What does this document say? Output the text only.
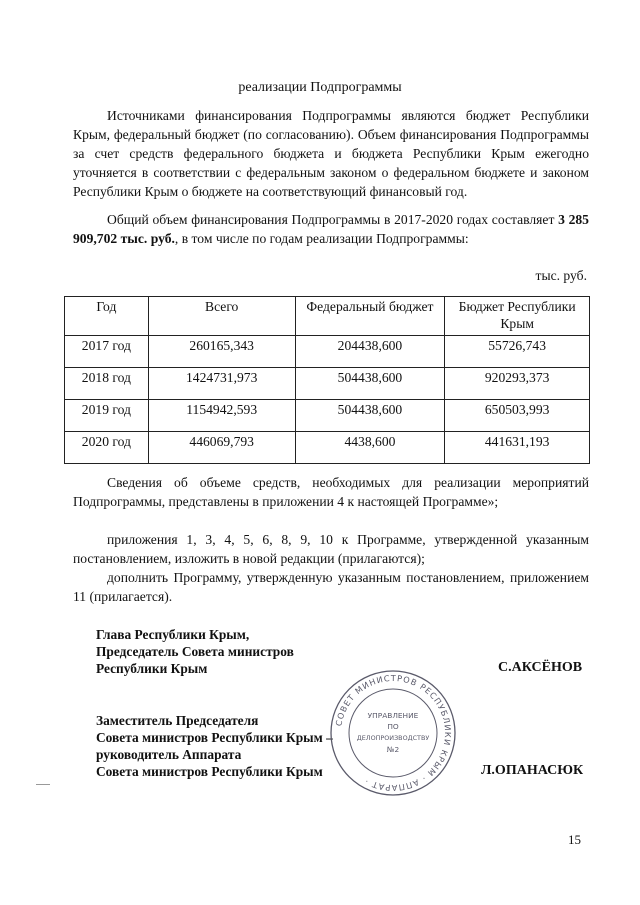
реализации Подпрограммы

Источниками финансирования Подпрограммы являются бюджет Республики Крым, федеральный бюджет (по согласованию). Объем финансирования Подпрограммы за счет средств федерального бюджета и бюджета Республики Крым ежегодно уточняется в соответствии с федеральным законом о федеральном бюджете и законом Республики Крым о бюджете на соответствующий финансовый год.

Общий объем финансирования Подпрограммы в 2017-2020 годах составляет 3 285 909,702 тыс. руб., в том числе по годам реализации Подпрограммы:

тыс. руб.
Год	Всего	Федеральный бюджет	Бюджет Республики Крым
2017 год	260165,343	204438,600	55726,743
2018 год	1424731,973	504438,600	920293,373
2019 год	1154942,593	504438,600	650503,993
2020 год	446069,793	4438,600	441631,193

Сведения об объеме средств, необходимых для реализации мероприятий Подпрограммы, представлены в приложении 4 к настоящей Программе»;

приложения 1, 3, 4, 5, 6, 8, 9, 10 к Программе, утвержденной указанным постановлением, изложить в новой редакции (прилагаются);

дополнить Программу, утвержденную указанным постановлением, приложением 11 (прилагается).

Глава Республики Крым,
Председатель Совета министров
Республики Крым	С.АКСЁНОВ
Заместитель Председателя
Совета министров Республики Крым –
руководитель Аппарата
Совета министров Республики Крым	Л.ОПАНАСЮК
СОВЕТ МИНИСТРОВ РЕСПУБЛИКИ КРЫМ · АППАРАТ ·
УПРАВЛЕНИЕ
ПО
ДЕЛОПРОИЗВОДСТВУ
№2
15
